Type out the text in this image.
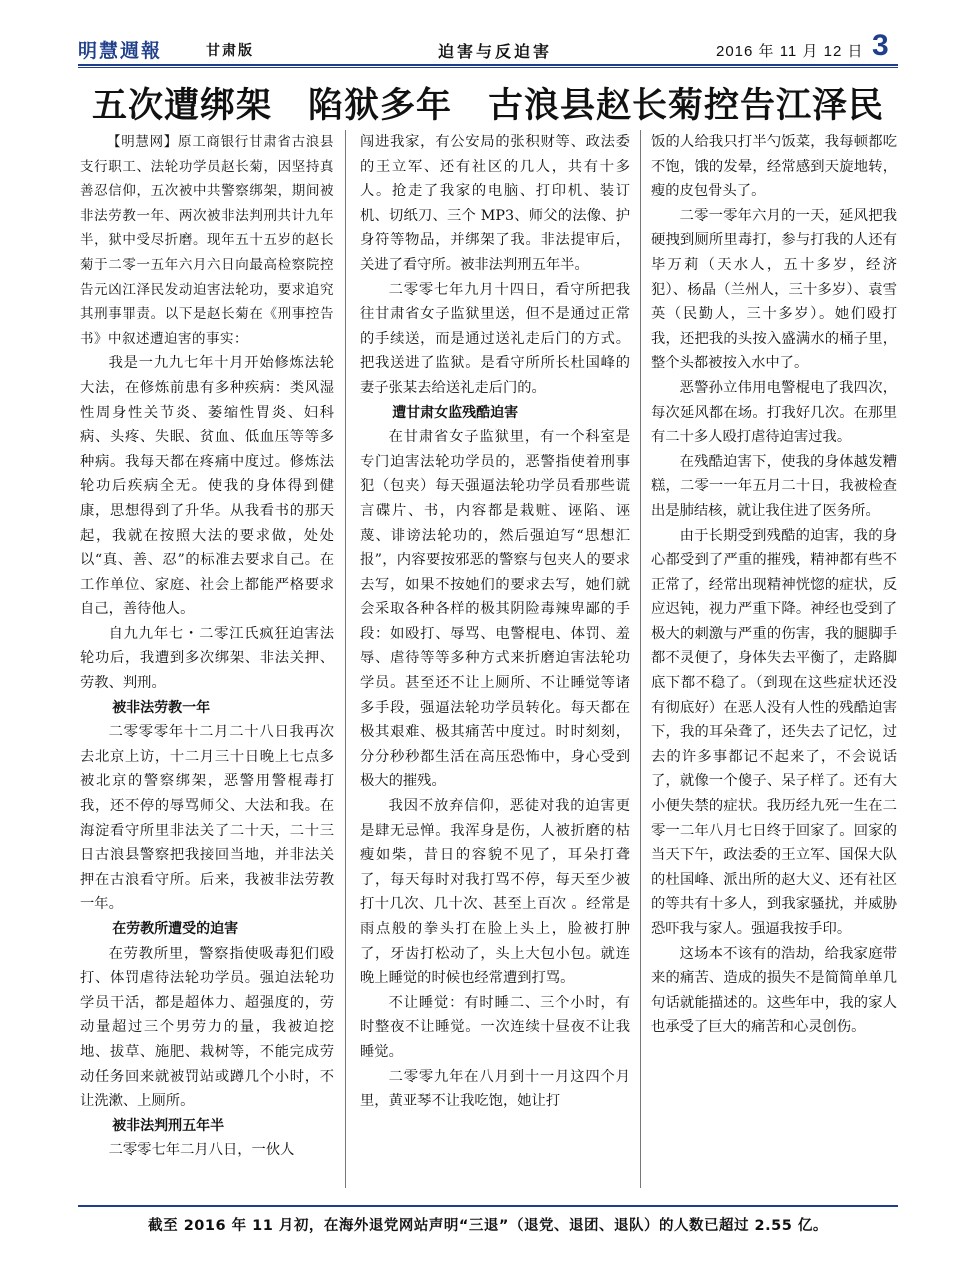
明慧週報	甘肃版	迫害与反迫害	2016 年 11 月 12 日 3
五次遭绑架　陷狱多年　古浪县赵长菊控告江泽民

【明慧网】原工商银行甘肃省古浪县支行职工、法轮功学员赵长菊，因坚持真善忍信仰，五次被中共警察绑架，期间被非法劳教一年、两次被非法判刑共计九年半，狱中受尽折磨。现年五十五岁的赵长菊于二零一五年六月六日向最高检察院控告元凶江泽民发动迫害法轮功，要求追究其刑事罪责。以下是赵长菊在《刑事控告书》中叙述遭迫害的事实：

我是一九九七年十月开始修炼法轮大法，在修炼前患有多种疾病：类风湿性周身性关节炎、萎缩性胃炎、妇科病、头疼、失眠、贫血、低血压等等多种病。我每天都在疼痛中度过。修炼法轮功后疾病全无。使我的身体得到健康，思想得到了升华。从我看书的那天起，我就在按照大法的要求做，处处以“真、善、忍”的标准去要求自己。在工作单位、家庭、社会上都能严格要求自己，善待他人。

自九九年七・二零江氏疯狂迫害法轮功后，我遭到多次绑架、非法关押、劳教、判刑。

被非法劳教一年

二零零零年十二月二十八日我再次去北京上访，十二月三十日晚上七点多被北京的警察绑架，恶警用警棍毒打我，还不停的辱骂师父、大法和我。在海淀看守所里非法关了二十天，二十三日古浪县警察把我接回当地，并非法关押在古浪看守所。后来，我被非法劳教一年。

在劳教所遭受的迫害

在劳教所里，警察指使吸毒犯们殴打、体罚虐待法轮功学员。强迫法轮功学员干活，都是超体力、超强度的，劳动量超过三个男劳力的量，我被迫挖地、拔草、施肥、栽树等，不能完成劳动任务回来就被罚站或蹲几个小时，不让洗漱、上厕所。

被非法判刑五年半

二零零七年二月八日，一伙人

闯进我家，有公安局的张积财等、政法委的王立军、还有社区的几人，共有十多人。抢走了我家的电脑、打印机、装订机、切纸刀、三个 MP3、师父的法像、护身符等物品，并绑架了我。非法提审后，关进了看守所。被非法判刑五年半。

二零零七年九月十四日，看守所把我往甘肃省女子监狱里送，但不是通过正常的手续送，而是通过送礼走后门的方式。把我送进了监狱。是看守所所长杜国峰的妻子张某去给送礼走后门的。

遭甘肃女监残酷迫害

在甘肃省女子监狱里，有一个科室是专门迫害法轮功学员的，恶警指使着刑事犯（包夹）每天强逼法轮功学员看那些谎言碟片、书，内容都是栽赃、诬陷、诬蔑、诽谤法轮功的，然后强迫写“思想汇报”，内容要按邪恶的警察与包夹人的要求去写，如果不按她们的要求去写，她们就会采取各种各样的极其阴险毒辣卑鄙的手段：如殴打、辱骂、电警棍电、体罚、羞辱、虐待等等多种方式来折磨迫害法轮功学员。甚至还不让上厕所、不让睡觉等诸多手段，强逼法轮功学员转化。每天都在极其艰难、极其痛苦中度过。时时刻刻，分分秒秒都生活在高压恐怖中，身心受到极大的摧残。

我因不放弃信仰，恶徒对我的迫害更是肆无忌惮。我浑身是伤，人被折磨的枯瘦如柴，昔日的容貌不见了，耳朵打聋了，每天每时对我打骂不停，每天至少被打十几次、几十次、甚至上百次 。经常是雨点般的拳头打在脸上头上，脸被打肿了，牙齿打松动了，头上大包小包。就连晚上睡觉的时候也经常遭到打骂。

不让睡觉：有时睡二、三个小时，有时整夜不让睡觉。一次连续十昼夜不让我睡觉。

二零零九年在八月到十一月这四个月里，黄亚琴不让我吃饱，她让打

饭的人给我只打半勺饭菜，我每顿都吃不饱，饿的发晕，经常感到天旋地转，瘦的皮包骨头了。

二零一零年六月的一天，延风把我硬拽到厕所里毒打，参与打我的人还有毕万莉（天水人，五十多岁，经济犯）、杨晶（兰州人，三十多岁）、袁雪英（民勤人，三十多岁）。她们殴打我，还把我的头按入盛满水的桶子里，整个头都被按入水中了。

恶警孙立伟用电警棍电了我四次，每次延风都在场。打我好几次。在那里有二十多人殴打虐待迫害过我。

在残酷迫害下，使我的身体越发糟糕，二零一一年五月二十日，我被检查出是肺结核，就让我住进了医务所。

由于长期受到残酷的迫害，我的身心都受到了严重的摧残，精神都有些不正常了，经常出现精神恍惚的症状，反应迟钝，视力严重下降。神经也受到了极大的刺激与严重的伤害，我的腿脚手都不灵便了，身体失去平衡了，走路脚底下都不稳了。（到现在这些症状还没有彻底好）在恶人没有人性的残酷迫害下，我的耳朵聋了，还失去了记忆，过去的许多事都记不起来了，不会说话了，就像一个傻子、呆子样了。还有大小便失禁的症状。我历经九死一生在二零一二年八月七日终于回家了。回家的当天下午，政法委的王立军、国保大队的杜国峰、派出所的赵大义、还有社区的等共有十多人，到我家骚扰，并威胁恐吓我与家人。强逼我按手印。

这场本不该有的浩劫，给我家庭带来的痛苦、造成的损失不是简简单单几句话就能描述的。这些年中，我的家人也承受了巨大的痛苦和心灵创伤。

截至 2016 年 11 月初，在海外退党网站声明“三退”（退党、退团、退队）的人数已超过 2.55 亿。
